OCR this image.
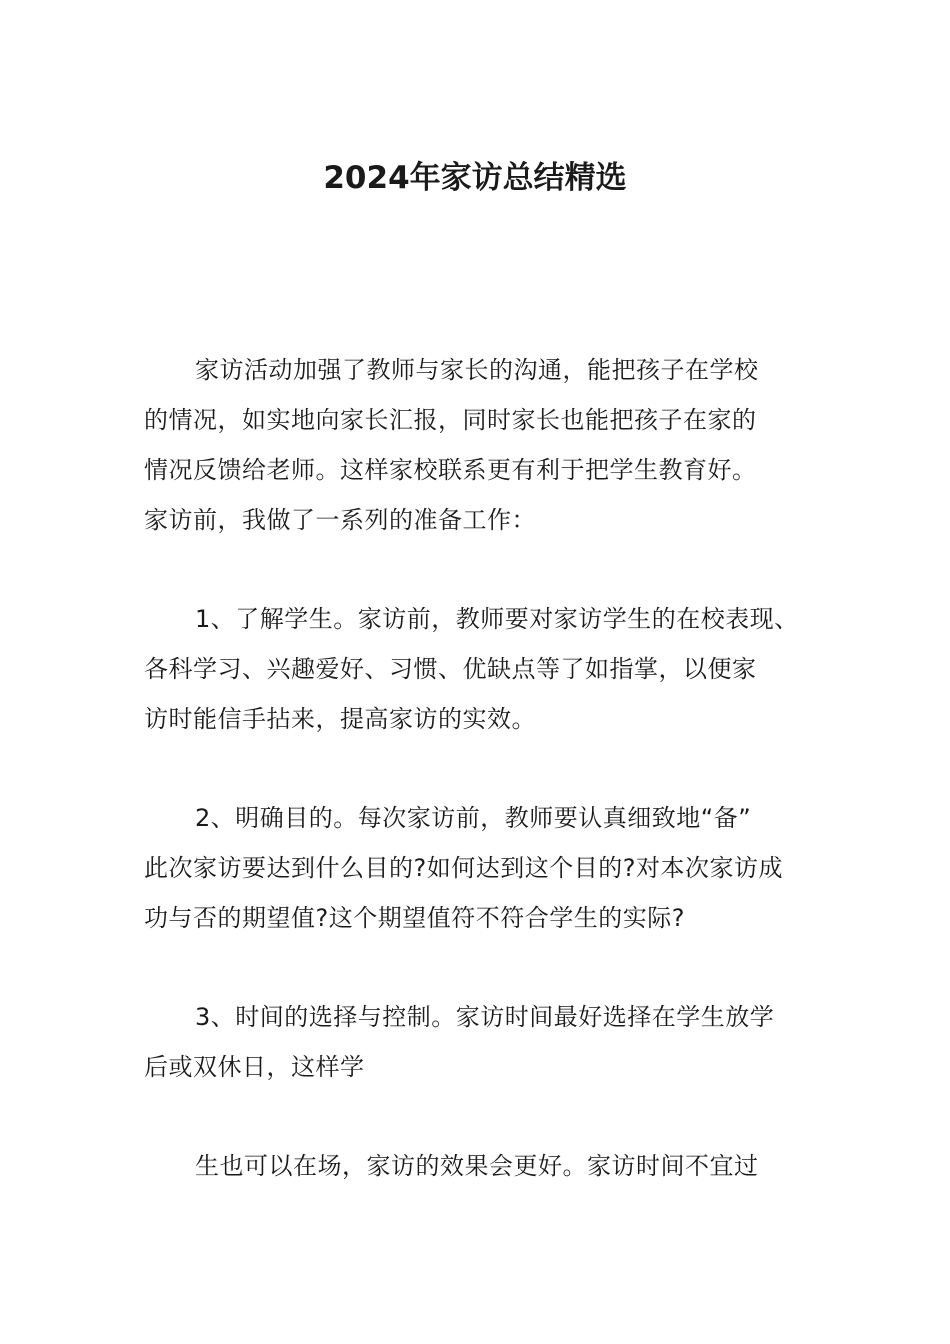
2024年家访总结精选

家访活动加强了教师与家长的沟通，能把孩子在学校
的情况，如实地向家长汇报，同时家长也能把孩子在家的
情况反馈给老师。这样家校联系更有利于把学生教育好。
家访前，我做了一系列的准备工作：

1、了解学生。家访前，教师要对家访学生的在校表现、
各科学习、兴趣爱好、习惯、优缺点等了如指掌，以便家
访时能信手拈来，提高家访的实效。

2、明确目的。每次家访前，教师要认真细致地“备”
此次家访要达到什么目的?如何达到这个目的?对本次家访成
功与否的期望值?这个期望值符不符合学生的实际?

3、时间的选择与控制。家访时间最好选择在学生放学
后或双休日，这样学

生也可以在场，家访的效果会更好。家访时间不宜过
